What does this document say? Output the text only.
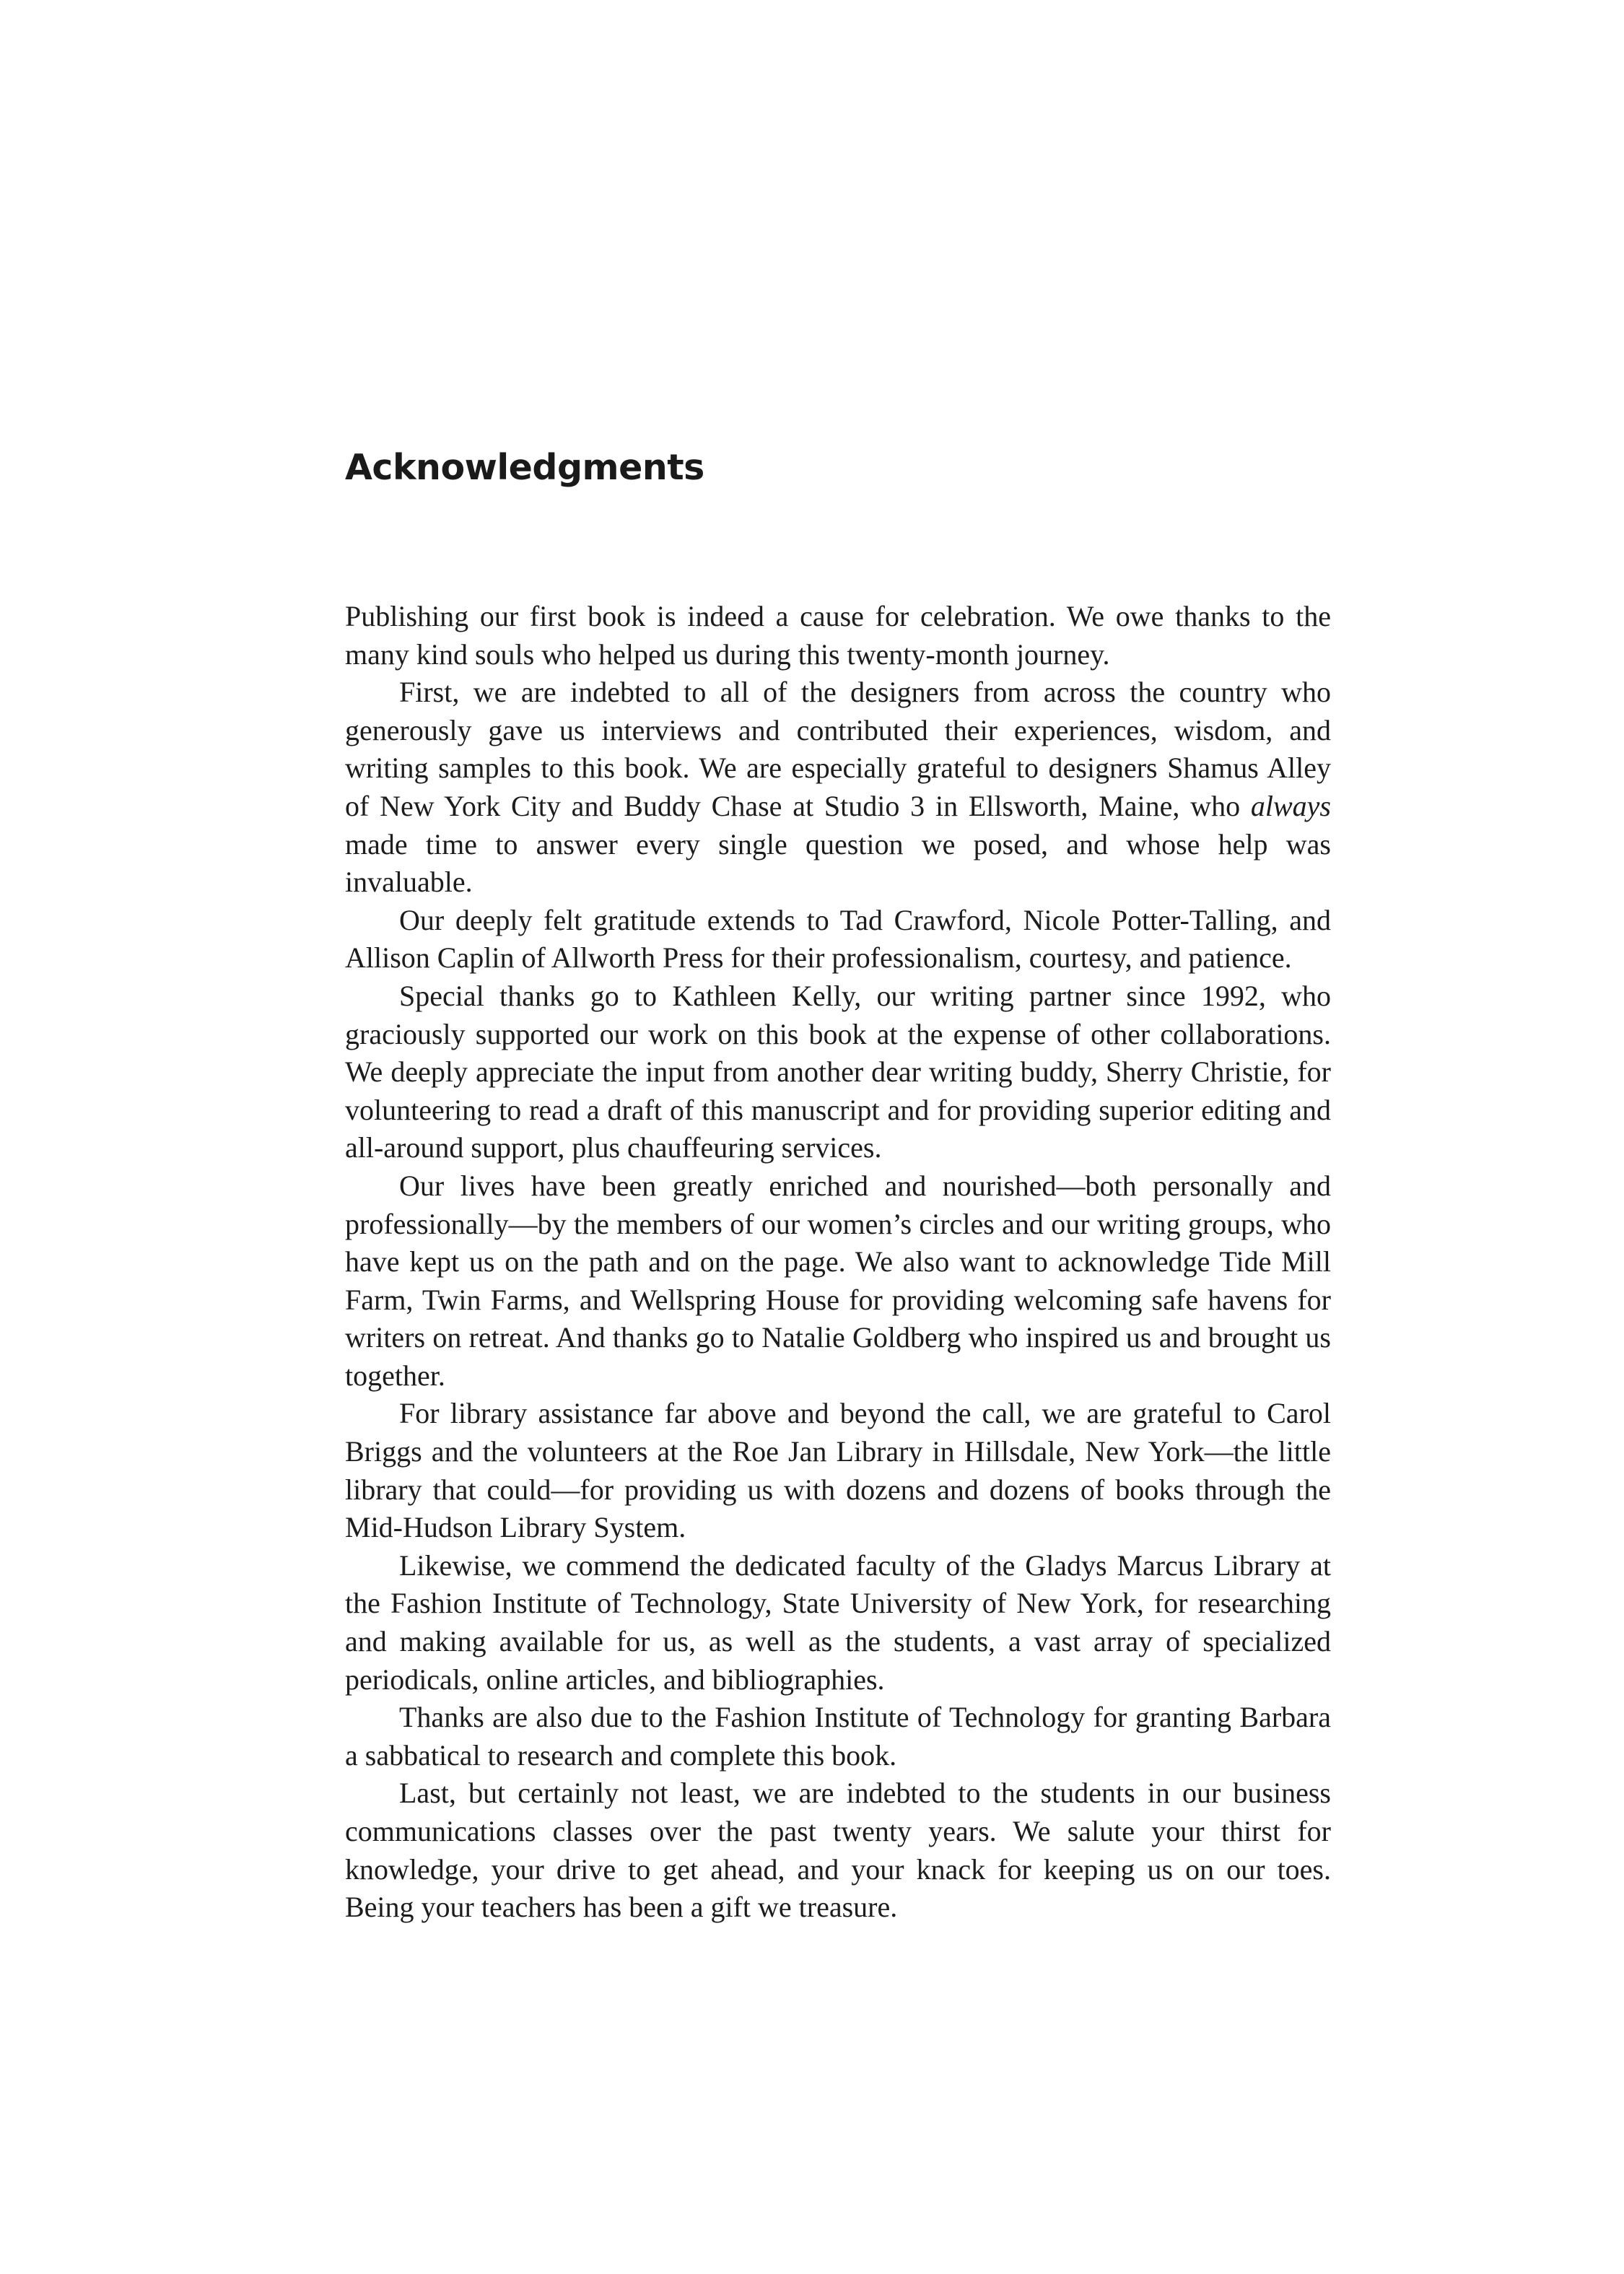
Acknowledgments

Publishing our first book is indeed a cause for celebration. We owe thanks to the many kind souls who helped us during this twenty-month journey.

First, we are indebted to all of the designers from across the country who generously gave us interviews and contributed their experiences, wisdom, and writing samples to this book. We are especially grateful to designers Shamus Alley of New York City and Buddy Chase at Studio 3 in Ellsworth, Maine, who always made time to answer every single question we posed, and whose help was invaluable.

Our deeply felt gratitude extends to Tad Crawford, Nicole Potter-Talling, and Allison Caplin of Allworth Press for their professionalism, courtesy, and patience.

Special thanks go to Kathleen Kelly, our writing partner since 1992, who graciously supported our work on this book at the expense of other collaborations. We deeply appreciate the input from another dear writing buddy, Sherry Christie, for volunteering to read a draft of this manuscript and for providing superior editing and all-around support, plus chauffeuring services.

Our lives have been greatly enriched and nourished—both personally and professionally—by the members of our women’s circles and our writing groups, who have kept us on the path and on the page. We also want to acknowledge Tide Mill Farm, Twin Farms, and Wellspring House for providing welcoming safe havens for writers on retreat. And thanks go to Natalie Goldberg who inspired us and brought us together.

For library assistance far above and beyond the call, we are grateful to Carol Briggs and the volunteers at the Roe Jan Library in Hillsdale, New York—the little library that could—for providing us with dozens and dozens of books through the Mid-Hudson Library System.

Likewise, we commend the dedicated faculty of the Gladys Marcus Library at the Fashion Institute of Technology, State University of New York, for researching and making available for us, as well as the students, a vast array of specialized periodicals, online articles, and bibliographies.

Thanks are also due to the Fashion Institute of Technology for granting Barbara a sabbatical to research and complete this book.

Last, but certainly not least, we are indebted to the students in our business communications classes over the past twenty years. We salute your thirst for knowledge, your drive to get ahead, and your knack for keeping us on our toes. Being your teachers has been a gift we treasure.
